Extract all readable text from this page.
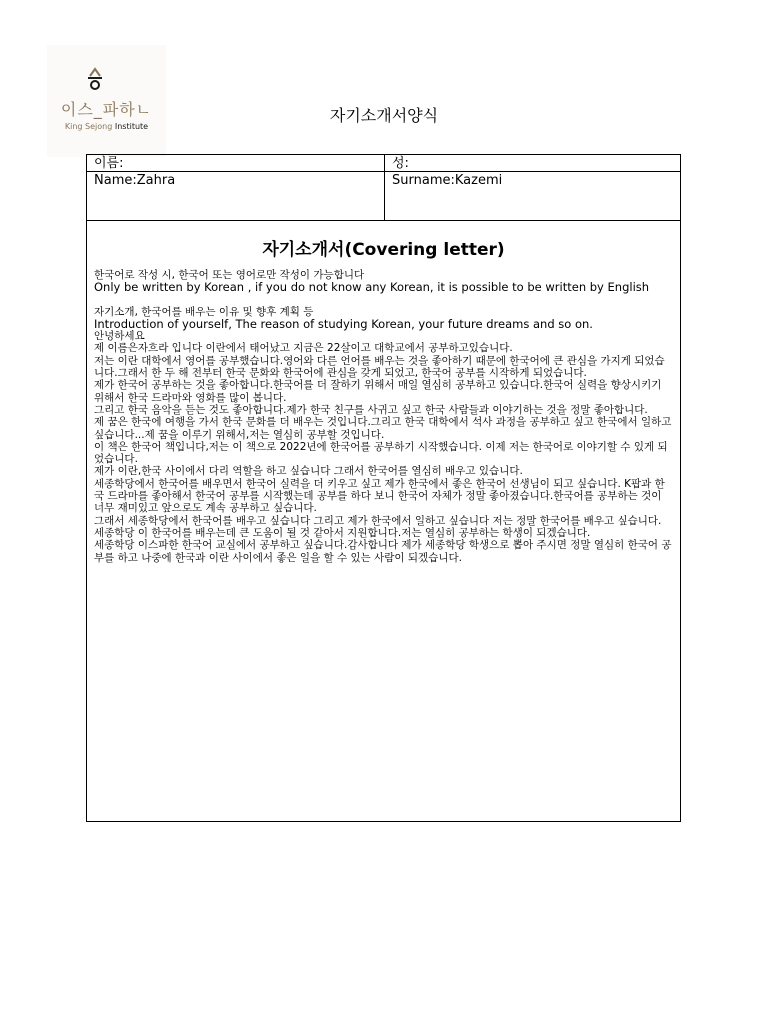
이스_파하ㄴ
King Sejong Institute
자기소개서양식
이름:	성:
Name:Zahra	Surname:Kazemi
자기소개서(Covering letter)

한국어로 작성 시, 한국어 또는 영어로만 작성이 가능합니다

Only be written by Korean , if you do not know any Korean, it is possible to be written by English

자기소개, 한국어를 배우는 이유 및 향후 계획 등

Introduction of yourself, The reason of studying Korean, your future dreams and so on.

안녕하세요

제 이름은자흐라 입니다 이란에서 태어났고 지금은 22살이고 대학교에서 공부하고있습니다.

저는 이란 대학에서 영어를 공부했습니다.영어와 다른 언어를 배우는 것을 좋아하기 때문에 한국어에 큰 관심을 가지게 되었습니다.그래서 한 두 해 전부터 한국 문화와 한국어에 관심을 갖게 되었고, 한국어 공부를 시작하게 되었습니다.

제가 한국어 공부하는 것을 좋아합니다.한국어를 더 잘하기 위해서 매일 열심히 공부하고 있습니다.한국어 실력을 향상시키기 위해서 한국 드라마와 영화를 많이 봅니다.

그리고 한국 음악을 듣는 것도 좋아합니다.제가 한국 친구를 사귀고 싶고 한국 사람들과 이야기하는 것을 정말 좋아합니다.

제 꿈은 한국에 여행을 가서 한국 문화를 더 배우는 것입니다.그리고 한국 대학에서 석사 과정을 공부하고 싶고 한국에서 일하고 싶습니다...제 꿈을 이루기 위해서,저는 열심히 공부할 것입니다.

이 책은 한국어 책입니다,저는 이 책으로 2022년에 한국어를 공부하기 시작했습니다. 이제 저는 한국어로 이야기할 수 있게 되었습니다.

제가 이란,한국 사이에서 다리 역할을 하고 싶습니다 그래서 한국어를 열심히 배우고 있습니다.

세종학당에서 한국어를 배우면서 한국어 실력을 더 키우고 싶고 제가 한국에서 좋은 한국어 선생님이 되고 싶습니다. K팝과 한국 드라마를 좋아해서 한국어 공부를 시작했는데 공부를 하다 보니 한국어 자체가 정말 좋아졌습니다.한국어를 공부하는 것이 너무 재미있고 앞으로도 계속 공부하고 싶습니다.

그래서 세종학당에서 한국어를 배우고 싶습니다 그리고 제가 한국에서 일하고 싶습니다 저는 정말 한국어를 배우고 싶습니다.

세종학당 이 한국어를 배우는데 큰 도움이 될 것 같아서 지원합니다.저는 열심히 공부하는 학생이 되겠습니다.

세종학당 이스파한 한국어 교실에서 공부하고 싶습니다.감사합니다 제가 세종학당 학생으로 뽑아 주시면 정말 열심히 한국어 공부를 하고 나중에 한국과 이란 사이에서 좋은 일을 할 수 있는 사람이 되겠습니다.
